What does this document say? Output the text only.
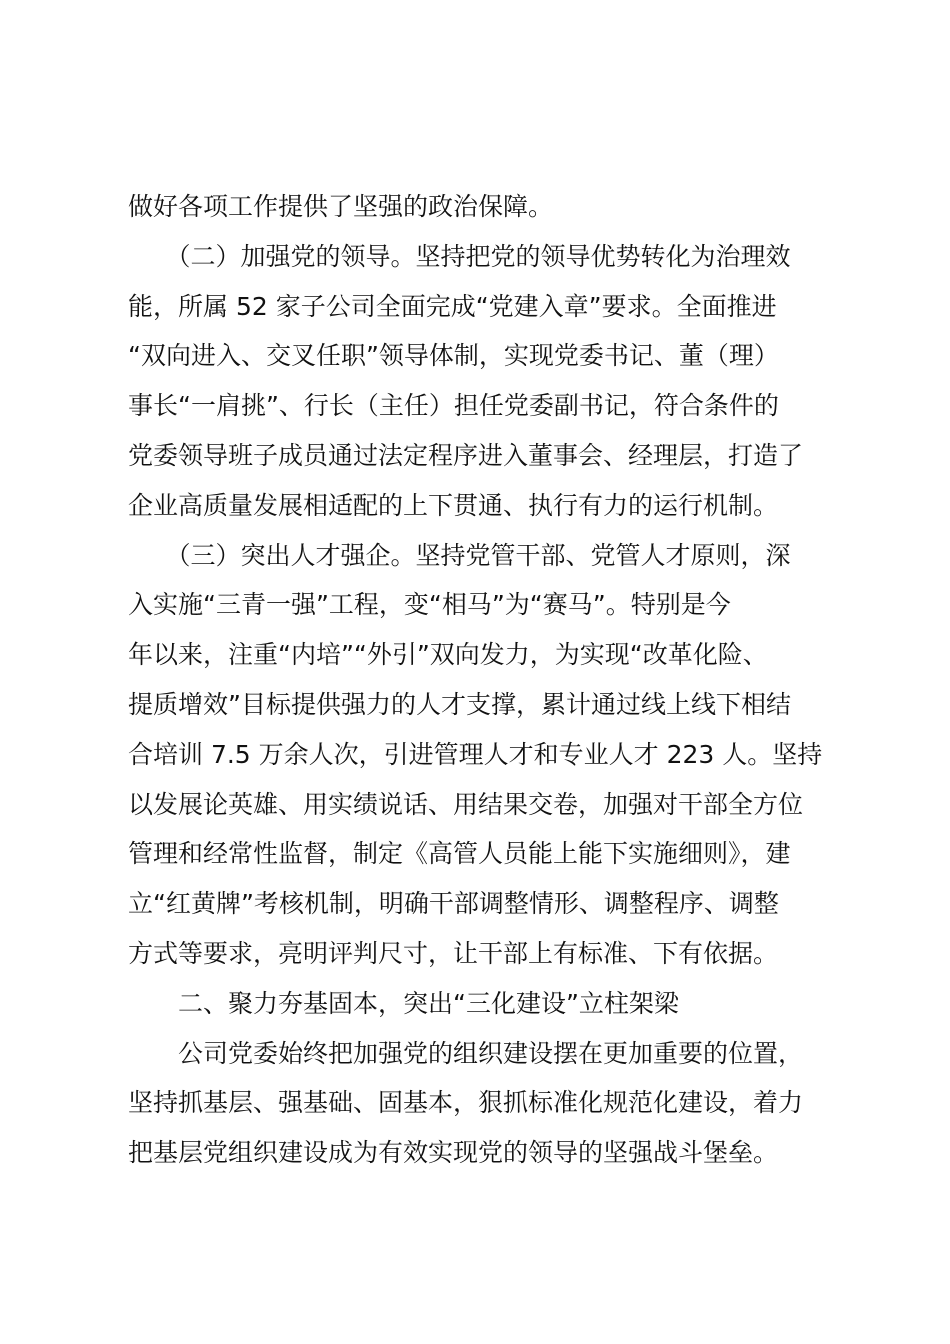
做好各项工作提供了坚强的政治保障。
　　（二）加强党的领导。坚持把党的领导优势转化为治理效
能，所属 52 家子公司全面完成“党建入章”要求。全面推进
“双向进入、交叉任职”领导体制，实现党委书记、董（理）
事长“一肩挑”、行长（主任）担任党委副书记，符合条件的
党委领导班子成员通过法定程序进入董事会、经理层，打造了
企业高质量发展相适配的上下贯通、执行有力的运行机制。
　　（三）突出人才强企。坚持党管干部、党管人才原则，深
入实施“三青一强”工程，变“相马”为“赛马”。特别是今
年以来，注重“内培”“外引”双向发力，为实现“改革化险、
提质增效”目标提供强力的人才支撑，累计通过线上线下相结
合培训 7.5 万余人次，引进管理人才和专业人才 223 人。坚持
以发展论英雄、用实绩说话、用结果交卷，加强对干部全方位
管理和经常性监督，制定《高管人员能上能下实施细则》，建
立“红黄牌”考核机制，明确干部调整情形、调整程序、调整
方式等要求，亮明评判尺寸，让干部上有标准、下有依据。
　　二、聚力夯基固本，突出“三化建设”立柱架梁
　　公司党委始终把加强党的组织建设摆在更加重要的位置，
坚持抓基层、强基础、固基本，狠抓标准化规范化建设，着力
把基层党组织建设成为有效实现党的领导的坚强战斗堡垒。
